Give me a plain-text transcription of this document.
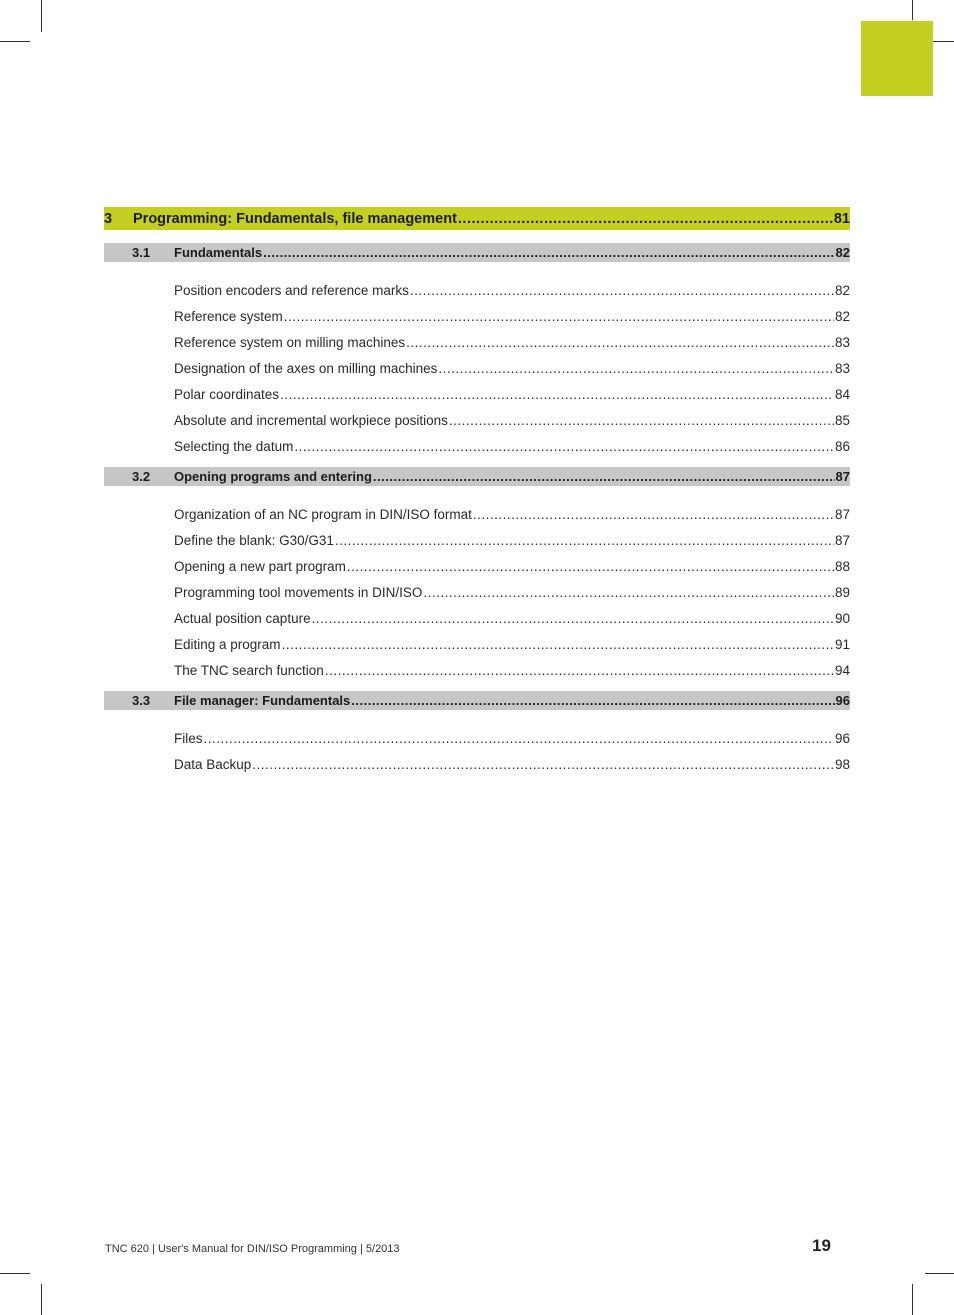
3	Programming: Fundamentals, file management .....	81
3.1	Fundamentals .....	82
Position encoders and reference marks .....	82
Reference system .....	82
Reference system on milling machines .....	83
Designation of the axes on milling machines .....	83
Polar coordinates .....	84
Absolute and incremental workpiece positions .....	85
Selecting the datum .....	86
3.2	Opening programs and entering .....	87
Organization of an NC program in DIN/ISO format .....	87
Define the blank: G30/G31 .....	87
Opening a new part program .....	88
Programming tool movements in DIN/ISO .....	89
Actual position capture .....	90
Editing a program .....	91
The TNC search function .....	94
3.3	File manager: Fundamentals .....	96
Files .....	96
Data Backup .....	98
TNC 620 | User's Manual for DIN/ISO Programming | 5/2013	19
